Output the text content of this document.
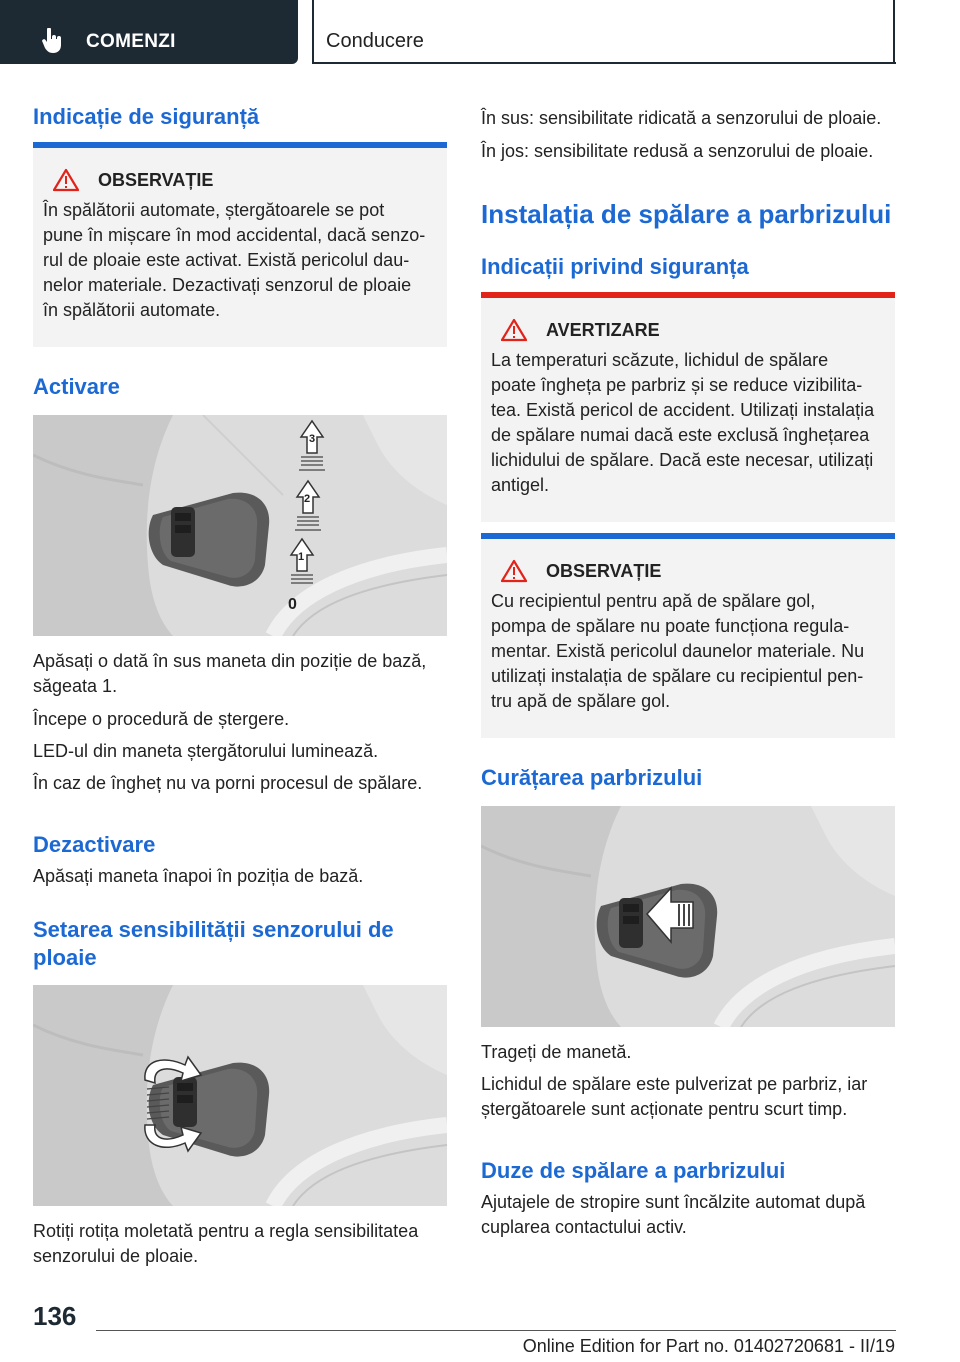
COMENZI	Conducere
Indicație de siguranță
OBSERVAȚIE
În spălătorii automate, ștergătoarele se pot
pune în mișcare în mod accidental, dacă senzo-
rul de ploaie este activat. Există pericolul dau-
nelor materiale. Dezactivați senzorul de ploaie
în spălătorii automate.
Activare
3
2
1
0
Apăsați o dată în sus maneta din poziție de bază,
săgeata 1.
Începe o procedură de ștergere.
LED-ul din maneta ștergătorului luminează.
În caz de îngheț nu va porni procesul de spălare.
Dezactivare
Apăsați maneta înapoi în poziția de bază.
Setarea sensibilității senzorului de
ploaie
Rotiți rotița moletată pentru a regla sensibilitatea
senzorului de ploaie.
În sus: sensibilitate ridicată a senzorului de ploaie.
În jos: sensibilitate redusă a senzorului de ploaie.
Instalația de spălare a parbrizului
Indicații privind siguranța
AVERTIZARE
La temperaturi scăzute, lichidul de spălare
poate îngheța pe parbriz și se reduce vizibilita-
tea. Există pericol de accident. Utilizați instalația
de spălare numai dacă este exclusă înghețarea
lichidului de spălare. Dacă este necesar, utilizați
antigel.
OBSERVAȚIE
Cu recipientul pentru apă de spălare gol,
pompa de spălare nu poate funcționa regula-
mentar. Există pericolul daunelor materiale. Nu
utilizați instalația de spălare cu recipientul pen-
tru apă de spălare gol.
Curățarea parbrizului
Trageți de manetă.
Lichidul de spălare este pulverizat pe parbriz, iar
ștergătoarele sunt acționate pentru scurt timp.
Duze de spălare a parbrizului
Ajutajele de stropire sunt încălzite automat după
cuplarea contactului activ.
136
Online Edition for Part no. 01402720681 - II/19
